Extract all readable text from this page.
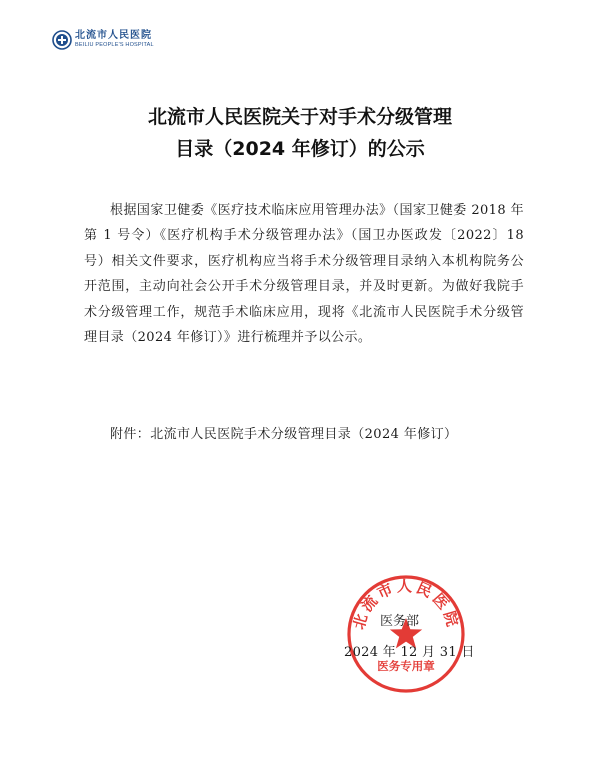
北流市人民医院
BEILIU PEOPLE'S HOSPITAL
北流市人民医院关于对手术分级管理
目录（2024 年修订）的公示

根据国家卫健委《医疗技术临床应用管理办法》（国家卫健委 2018 年第 1 号令）《医疗机构手术分级管理办法》（国卫办医政发〔2022〕18 号）相关文件要求，医疗机构应当将手术分级管理目录纳入本机构院务公开范围，主动向社会公开手术分级管理目录，并及时更新。为做好我院手术分级管理工作，规范手术临床应用，现将《北流市人民医院手术分级管理目录（2024 年修订）》进行梳理并予以公示。

附件：北流市人民医院手术分级管理目录（2024 年修订）

北流市人民医院
医务专用章

医务部

2024 年 12 月 31 日
